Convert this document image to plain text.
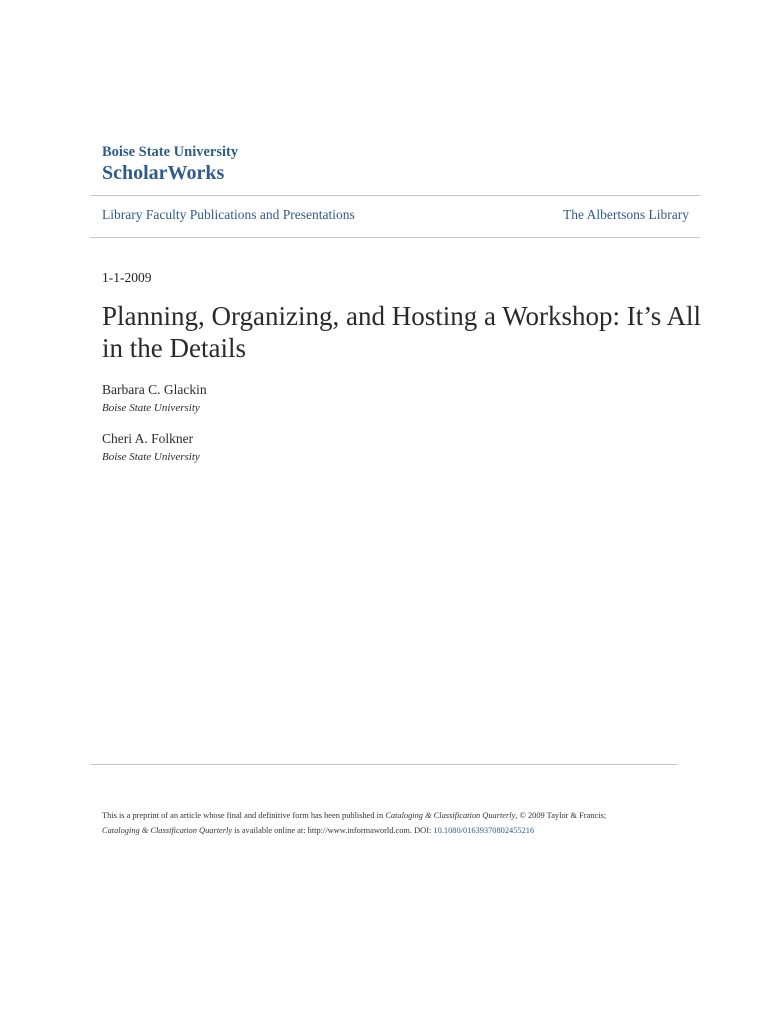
Boise State University
ScholarWorks
Library Faculty Publications and Presentations	The Albertsons Library
1-1-2009
Planning, Organizing, and Hosting a Workshop: It’s All in the Details
Barbara C. Glackin
Boise State University
Cheri A. Folkner
Boise State University
This is a preprint of an article whose final and definitive form has been published in Cataloging & Classification Quarterly, © 2009 Taylor & Francis;
Cataloging & Classification Quarterly is available online at: http://www.informaworld.com. DOI: 10.1080/01639370802455216
